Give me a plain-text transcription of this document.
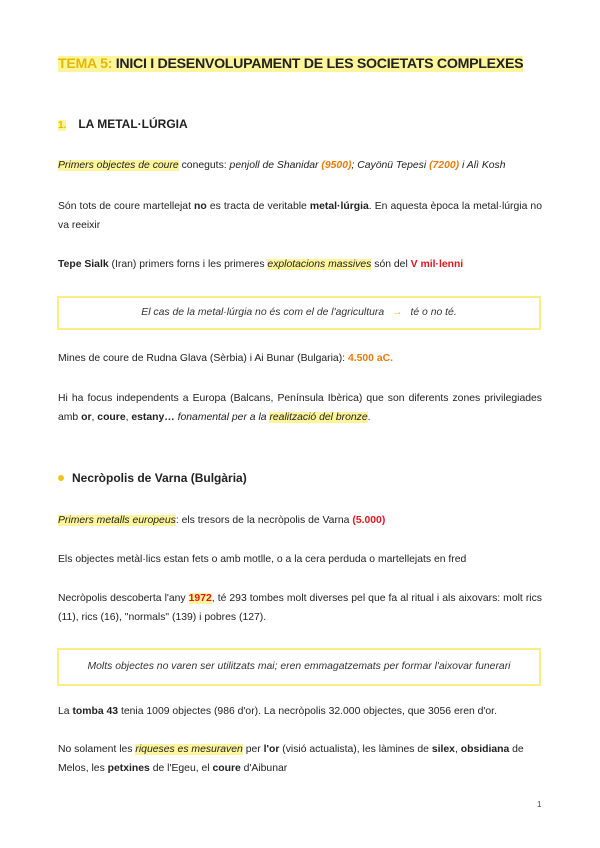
TEMA 5: INICI I DESENVOLUPAMENT DE LES SOCIETATS COMPLEXES
1. LA METAL·LÚRGIA
Primers objectes de coure coneguts: penjoll de Shanidar (9500); Cayönü Tepesi (7200) i Alì Kosh
Són tots de coure martellejat no es tracta de veritable metal·lúrgia. En aquesta època la metal·lúrgia no va reeixir
Tepe Sialk (Iran) primers forns i les primeres explotacions massives són del V mil·lenni
El cas de la metal·lúrgia no és com el de l'agricultura → té o no té.
Mines de coure de Rudna Glava (Sèrbia) i Ai Bunar (Bulgaria): 4.500 aC.
Hi ha focus independents a Europa (Balcans, Península Ibèrica) que son diferents zones privilegiades amb or, coure, estany… fonamental per a la realització del bronze.
Necròpolis de Varna (Bulgària)
Primers metalls europeus: els tresors de la necròpolis de Varna (5.000)
Els objectes metàl·lics estan fets o amb motlle, o a la cera perduda o martellejats en fred
Necròpolis descoberta l'any 1972, té 293 tombes molt diverses pel que fa al ritual i als aixovars: molt rics (11), rics (16), "normals" (139) i pobres (127).
Molts objectes no varen ser utilitzats mai; eren emmagatzemats per formar l'aixovar funerari
La tomba 43 tenia 1009 objectes (986 d'or). La necròpolis 32.000 objectes, que 3056 eren d'or.
No solament les riqueses es mesuraven per l'or (visió actualista), les làmines de silex, obsidiana de Melos, les petxines de l'Egeu, el coure d'Aibunar
1
